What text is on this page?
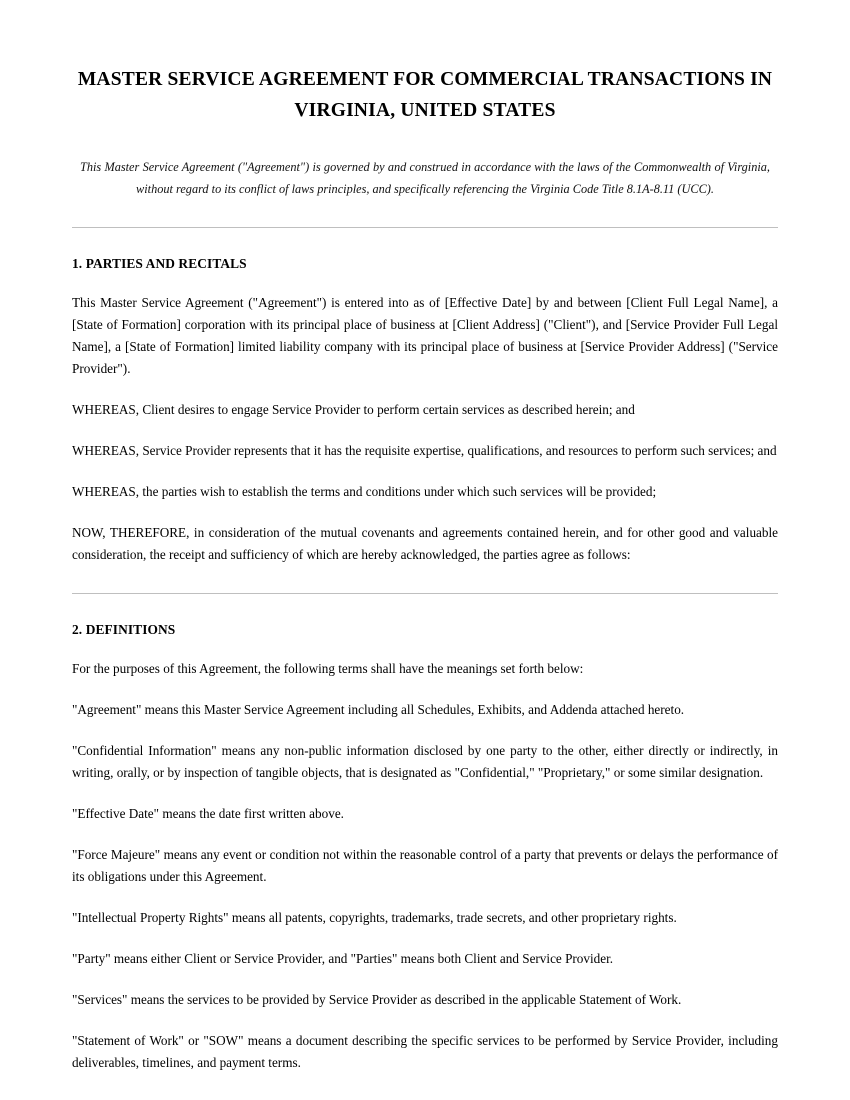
MASTER SERVICE AGREEMENT FOR COMMERCIAL TRANSACTIONS IN VIRGINIA, UNITED STATES

This Master Service Agreement ("Agreement") is governed by and construed in accordance with the laws of the Commonwealth of Virginia, without regard to its conflict of laws principles, and specifically referencing the Virginia Code Title 8.1A-8.11 (UCC).

1. PARTIES AND RECITALS

This Master Service Agreement ("Agreement") is entered into as of [Effective Date] by and between [Client Full Legal Name], a [State of Formation] corporation with its principal place of business at [Client Address] ("Client"), and [Service Provider Full Legal Name], a [State of Formation] limited liability company with its principal place of business at [Service Provider Address] ("Service Provider").

WHEREAS, Client desires to engage Service Provider to perform certain services as described herein; and

WHEREAS, Service Provider represents that it has the requisite expertise, qualifications, and resources to perform such services; and

WHEREAS, the parties wish to establish the terms and conditions under which such services will be provided;

NOW, THEREFORE, in consideration of the mutual covenants and agreements contained herein, and for other good and valuable consideration, the receipt and sufficiency of which are hereby acknowledged, the parties agree as follows:

2. DEFINITIONS

For the purposes of this Agreement, the following terms shall have the meanings set forth below:

"Agreement" means this Master Service Agreement including all Schedules, Exhibits, and Addenda attached hereto.

"Confidential Information" means any non-public information disclosed by one party to the other, either directly or indirectly, in writing, orally, or by inspection of tangible objects, that is designated as "Confidential," "Proprietary," or some similar designation.

"Effective Date" means the date first written above.

"Force Majeure" means any event or condition not within the reasonable control of a party that prevents or delays the performance of its obligations under this Agreement.

"Intellectual Property Rights" means all patents, copyrights, trademarks, trade secrets, and other proprietary rights.

"Party" means either Client or Service Provider, and "Parties" means both Client and Service Provider.

"Services" means the services to be provided by Service Provider as described in the applicable Statement of Work.

"Statement of Work" or "SOW" means a document describing the specific services to be performed by Service Provider, including deliverables, timelines, and payment terms.
